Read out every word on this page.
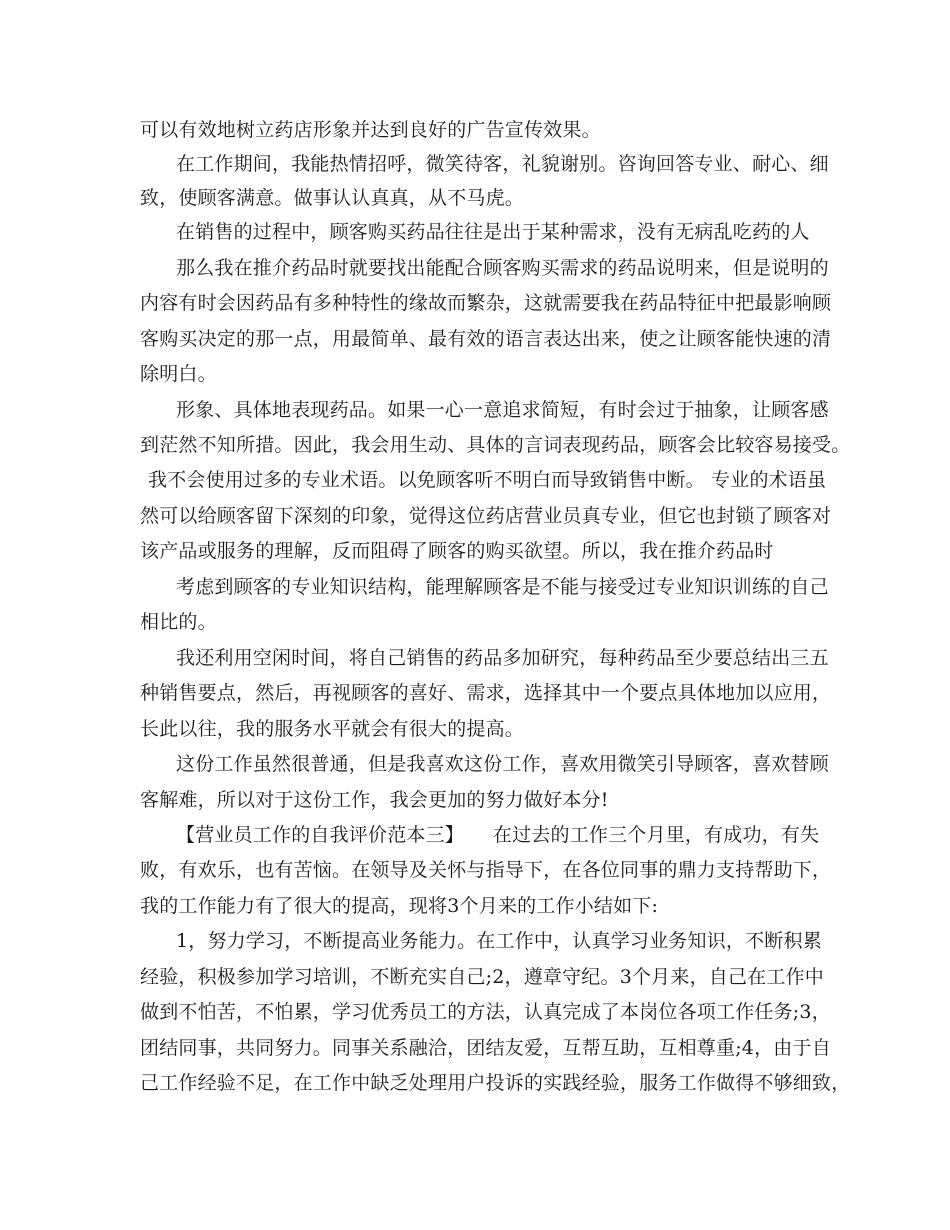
可以有效地树立药店形象并达到良好的广告宣传效果。
在工作期间，我能热情招呼，微笑待客，礼貌谢别。咨询回答专业、耐心、细
致，使顾客满意。做事认认真真，从不马虎。
在销售的过程中，顾客购买药品往往是出于某种需求，没有无病乱吃药的人
那么我在推介药品时就要找出能配合顾客购买需求的药品说明来，但是说明的
内容有时会因药品有多种特性的缘故而繁杂，这就需要我在药品特征中把最影响顾
客购买决定的那一点，用最简单、最有效的语言表达出来，使之让顾客能快速的清
除明白。
形象、具体地表现药品。如果一心一意追求简短，有时会过于抽象，让顾客感
到茫然不知所措。因此，我会用生动、具体的言词表现药品，顾客会比较容易接受。
我不会使用过多的专业术语。以免顾客听不明白而导致销售中断。 专业的术语虽
然可以给顾客留下深刻的印象，觉得这位药店营业员真专业，但它也封锁了顾客对
该产品或服务的理解，反而阻碍了顾客的购买欲望。所以，我在推介药品时
考虑到顾客的专业知识结构，能理解顾客是不能与接受过专业知识训练的自己
相比的。
我还利用空闲时间，将自己销售的药品多加研究，每种药品至少要总结出三五
种销售要点，然后，再视顾客的喜好、需求，选择其中一个要点具体地加以应用，
长此以往，我的服务水平就会有很大的提高。
这份工作虽然很普通，但是我喜欢这份工作，喜欢用微笑引导顾客，喜欢替顾
客解难，所以对于这份工作，我会更加的努力做好本分!
【营业员工作的自我评价范本三】　　在过去的工作三个月里，有成功，有失
败，有欢乐，也有苦恼。在领导及关怀与指导下，在各位同事的鼎力支持帮助下，
我的工作能力有了很大的提高，现将3个月来的工作小结如下:
1，努力学习，不断提高业务能力。在工作中，认真学习业务知识，不断积累
经验，积极参加学习培训，不断充实自己;2，遵章守纪。3个月来，自己在工作中
做到不怕苦，不怕累，学习优秀员工的方法，认真完成了本岗位各项工作任务;3，
团结同事，共同努力。同事关系融洽，团结友爱，互帮互助，互相尊重;4，由于自
己工作经验不足，在工作中缺乏处理用户投诉的实践经验，服务工作做得不够细致，
